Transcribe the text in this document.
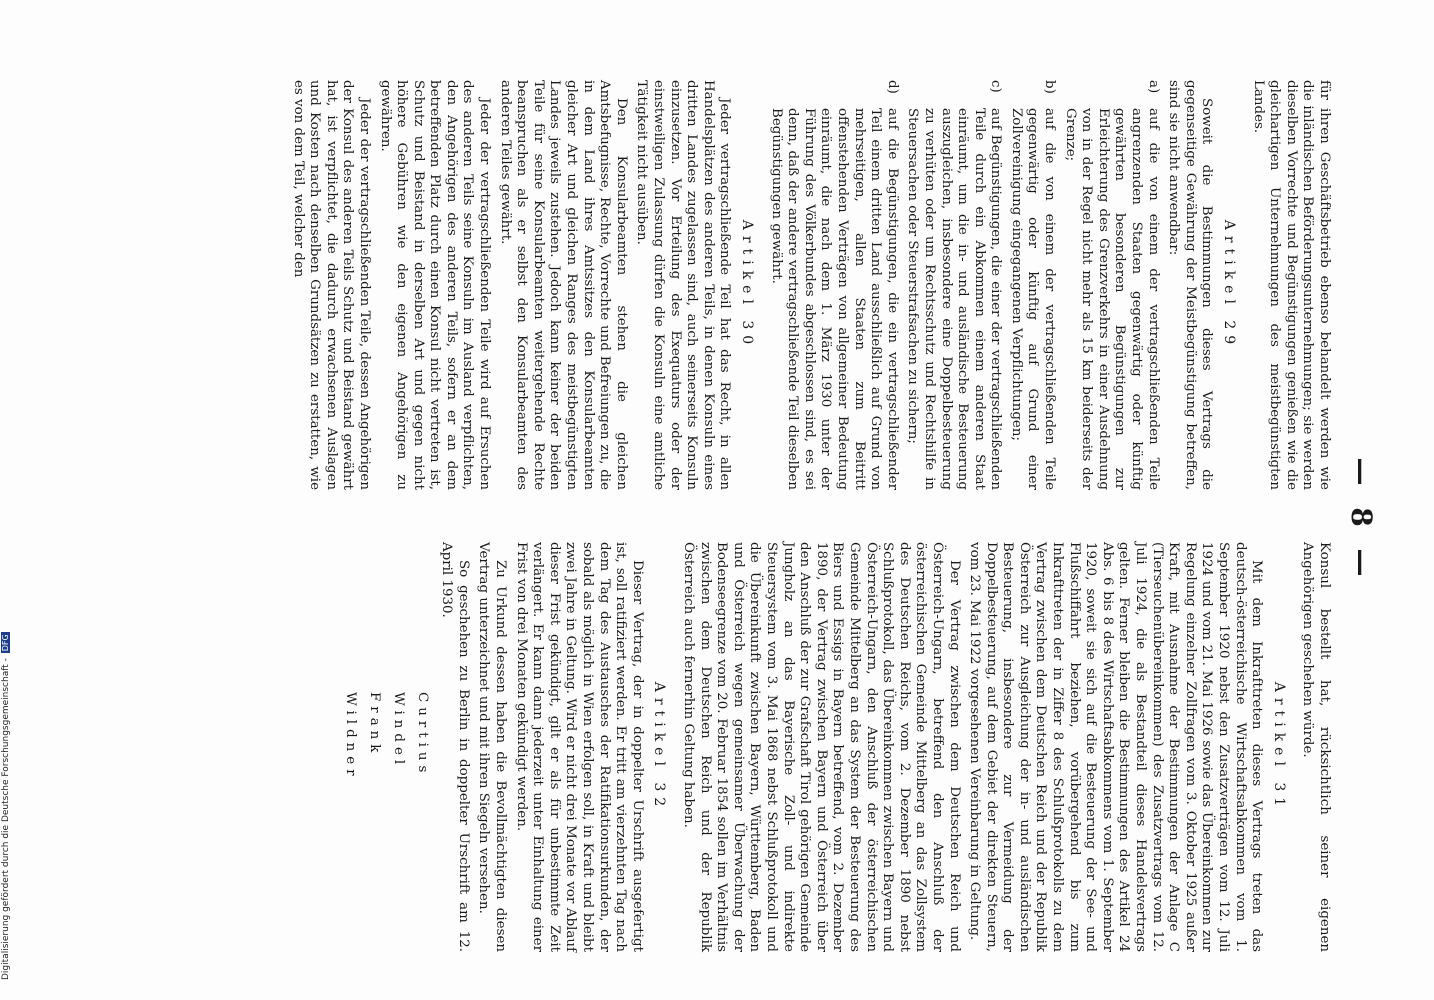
— 8 —

für ihren Geschäftsbetrieb ebenso behandelt werden wie die inländischen Beförderungsunternehmungen; sie werden dieselben Vorrechte und Begünstigungen genießen wie die gleichartigen Unternehmungen des meistbegünstigten Landes.

Artikel 29

Soweit die Bestimmungen dieses Vertrags die gegenseitige Gewährung der Meistbegünstigung betreffen, sind sie nicht anwendbar:

a)
auf die von einem der vertragschließenden Teile angrenzenden Staaten gegenwärtig oder künftig gewährten besonderen Begünstigungen zur Erleichterung des Grenzverkehrs in einer Ausdehnung von in der Regel nicht mehr als 15 km beiderseits der Grenze;
b)
auf die von einem der vertragschließenden Teile gegenwärtig oder künftig auf Grund einer Zollvereinigung eingegangenen Verpflichtungen;
c)
auf Begünstigungen, die einer der vertragschließenden Teile durch ein Abkommen einem anderen Staat einräumt, um die in- und ausländische Besteuerung auszugleichen, insbesondere eine Doppelbesteuerung zu verhüten oder um Rechtsschutz und Rechtshilfe in Steuersachen oder Steuerstrafsachen zu sichern;
d)
auf die Begünstigungen, die ein vertragschließender Teil einem dritten Land ausschließlich auf Grund von mehrseitigen, allen Staaten zum Beitritt offenstehenden Verträgen von allgemeiner Bedeutung einräumt, die nach dem 1. März 1930 unter der Führung des Völkerbundes abgeschlossen sind, es sei denn, daß der andere vertragschließende Teil dieselben Begünstigungen gewährt.
Artikel 30

Jeder vertragschließende Teil hat das Recht, in allen Handelsplätzen des anderen Teils, in denen Konsuln eines dritten Landes zugelassen sind, auch seinerseits Konsuln einzusetzen. Vor Erteilung des Exequaturs oder der einstweiligen Zulassung dürfen die Konsuln eine amtliche Tätigkeit nicht ausüben.

Den Konsularbeamten stehen die gleichen Amtsbefugnisse, Rechte, Vorrechte und Befreiungen zu, die in dem Land ihres Amtssitzes den Konsularbeamten gleicher Art und gleichen Ranges des meistbegünstigten Landes jeweils zustehen. Jedoch kann keiner der beiden Teile für seine Konsularbeamten weitergehende Rechte beanspruchen als er selbst den Konsularbeamten des anderen Teiles gewährt.

Jeder der vertragschließenden Teile wird auf Ersuchen des anderen Teils seine Konsuln im Ausland verpflichten, den Angehörigen des anderen Teils, sofern er an dem betreffenden Platz durch einen Konsul nicht vertreten ist, Schutz und Beistand in derselben Art und gegen nicht höhere Gebühren wie den eigenen Angehörigen zu gewähren.

Jeder der vertragschließenden Teile, dessen Angehörigen der Konsul des anderen Teils Schutz und Beistand gewährt hat, ist verpflichtet, die dadurch erwachsenen Auslagen und Kosten nach denselben Grundsätzen zu erstatten, wie es von dem Teil, welcher den

Konsul bestellt hat, rücksichtlich seiner eigenen Angehörigen geschehen würde.

Artikel 31

Mit dem Inkrafttreten dieses Vertrags treten das deutsch-österreichische Wirtschaftsabkommen vom 1. September 1920 nebst den Zusatzverträgen vom 12. Juli 1924 und vom 21. Mai 1926 sowie das Übereinkommen zur Regelung einzelner Zollfragen vom 3. Oktober 1925 außer Kraft, mit Ausnahme der Bestimmungen der Anlage C (Tierseuchenübereinkommen) des Zusatzvertrags vom 12. Juli 1924, die als Bestandteil dieses Handelsvertrags gelten. Ferner bleiben die Bestimmungen des Artikel 24 Abs. 6 bis 8 des Wirtschaftsabkommens vom 1. September 1920, soweit sie sich auf die Besteuerung der See- und Flußschiffahrt beziehen, vorübergehend bis zum Inkrafttreten der in Ziffer 8 des Schlußprotokolls zu dem Vertrag zwischen dem Deutschen Reich und der Republik Österreich zur Ausgleichung der in- und ausländischen Besteuerung, insbesondere zur Vermeidung der Doppelbesteuerung, auf dem Gebiet der direkten Steuern, vom 23. Mai 1922 vorgesehenen Vereinbarung in Geltung.

Der Vertrag zwischen dem Deutschen Reich und Österreich-Ungarn, betreffend den Anschluß der österreichischen Gemeinde Mittelberg an das Zollsystem des Deutschen Reichs, vom 2. Dezember 1890 nebst Schlußprotokoll, das Übereinkommen zwischen Bayern und Österreich-Ungarn, den Anschluß der österreichischen Gemeinde Mittelberg an das System der Besteuerung des Biers und Essigs in Bayern betreffend, vom 2. Dezember 1890, der Vertrag zwischen Bayern und Österreich über den Anschluß der zur Grafschaft Tirol gehörigen Gemeinde Jungholz an das Bayerische Zoll- und indirekte Steuersystem vom 3. Mai 1868 nebst Schlußprotokoll und die Übereinkunft zwischen Bayern, Württemberg, Baden und Österreich wegen gemeinsamer Überwachung der Bodenseegrenze vom 20. Februar 1854 sollen im Verhältnis zwischen dem Deutschen Reich und der Republik Österreich auch fernerhin Geltung haben.

Artikel 32

Dieser Vertrag, der in doppelter Urschrift ausgefertigt ist, soll ratifiziert werden. Er tritt am vierzehnten Tag nach dem Tag des Austausches der Ratifikationsurkunden, der sobald als möglich in Wien erfolgen soll, in Kraft und bleibt zwei Jahre in Geltung. Wird er nicht drei Monate vor Ablauf dieser Frist gekündigt, gilt er als für unbestimmte Zeit verlängert. Er kann dann jederzeit unter Einhaltung einer Frist von drei Monaten gekündigt werden.

Zu Urkund dessen haben die Bevollmächtigten diesen Vertrag unterzeichnet und mit ihren Siegeln versehen.

So geschehen zu Berlin in doppelter Urschrift am 12. April 1930.

Curtius
Windel
Frank
Wildner
Digitalisierung gefördert durch die Deutsche Forschungsgemeinschaft - DFG
